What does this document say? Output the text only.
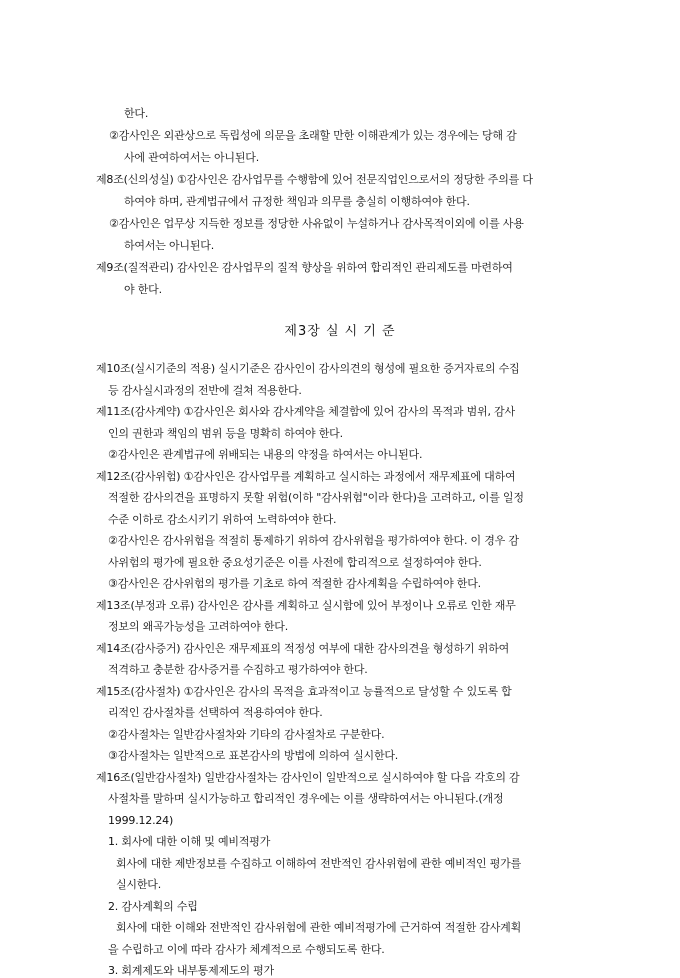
한다.
②감사인은 외관상으로 독립성에 의문을 초래할 만한 이해관계가 있는 경우에는 당해 감
사에 관여하여서는 아니된다.
제8조(신의성실) ①감사인은 감사업무를 수행함에 있어 전문직업인으로서의 정당한 주의를 다
하여야 하며, 관계법규에서 규정한 책임과 의무를 충실히 이행하여야 한다.
②감사인은 업무상 지득한 정보를 정당한 사유없이 누설하거나 감사목적이외에 이를 사용
하여서는 아니된다.
제9조(질적관리) 감사인은 감사업무의 질적 향상을 위하여 합리적인 관리제도를 마련하여
야 한다.
제3장 실 시 기 준
제10조(실시기준의 적용) 실시기준은 감사인이 감사의견의 형성에 필요한 증거자료의 수집
등 감사실시과정의 전반에 걸쳐 적용한다.
제11조(감사계약) ①감사인은 회사와 감사계약을 체결함에 있어 감사의 목적과 범위, 감사
인의 권한과 책임의 범위 등을 명확히 하여야 한다.
②감사인은 관계법규에 위배되는 내용의 약정을 하여서는 아니된다.
제12조(감사위험) ①감사인은 감사업무를 계획하고 실시하는 과정에서 재무제표에 대하여
적절한 감사의견을 표명하지 못할 위험(이하 "감사위험"이라 한다)을 고려하고, 이를 일정
수준 이하로 감소시키기 위하여 노력하여야 한다.
②감사인은 감사위험을 적절히 통제하기 위하여 감사위험을 평가하여야 한다. 이 경우 감
사위험의 평가에 필요한 중요성기준은 이를 사전에 합리적으로 설정하여야 한다.
③감사인은 감사위험의 평가를 기초로 하여 적절한 감사계획을 수립하여야 한다.
제13조(부정과 오류) 감사인은 감사를 계획하고 실시함에 있어 부정이나 오류로 인한 재무
정보의 왜곡가능성을 고려하여야 한다.
제14조(감사증거) 감사인은 재무제표의 적정성 여부에 대한 감사의견을 형성하기 위하여
적격하고 충분한 감사증거를 수집하고 평가하여야 한다.
제15조(감사절차) ①감사인은 감사의 목적을 효과적이고 능률적으로 달성할 수 있도록 합
리적인 감사절차를 선택하여 적용하여야 한다.
②감사절차는 일반감사절차와 기타의 감사절차로 구분한다.
③감사절차는 일반적으로 표본감사의 방법에 의하여 실시한다.
제16조(일반감사절차) 일반감사절차는 감사인이 일반적으로 실시하여야 할 다음 각호의 감
사절차를 말하며 실시가능하고 합리적인 경우에는 이를 생략하여서는 아니된다.(개정
1999.12.24)
1. 회사에 대한 이해 및 예비적평가
회사에 대한 제반정보를 수집하고 이해하여 전반적인 감사위험에 관한 예비적인 평가를
실시한다.
2. 감사계획의 수립
회사에 대한 이해와 전반적인 감사위험에 관한 예비적평가에 근거하여 적절한 감사계획
을 수립하고 이에 따라 감사가 체계적으로 수행되도록 한다.
3. 회계제도와 내부통제제도의 평가
